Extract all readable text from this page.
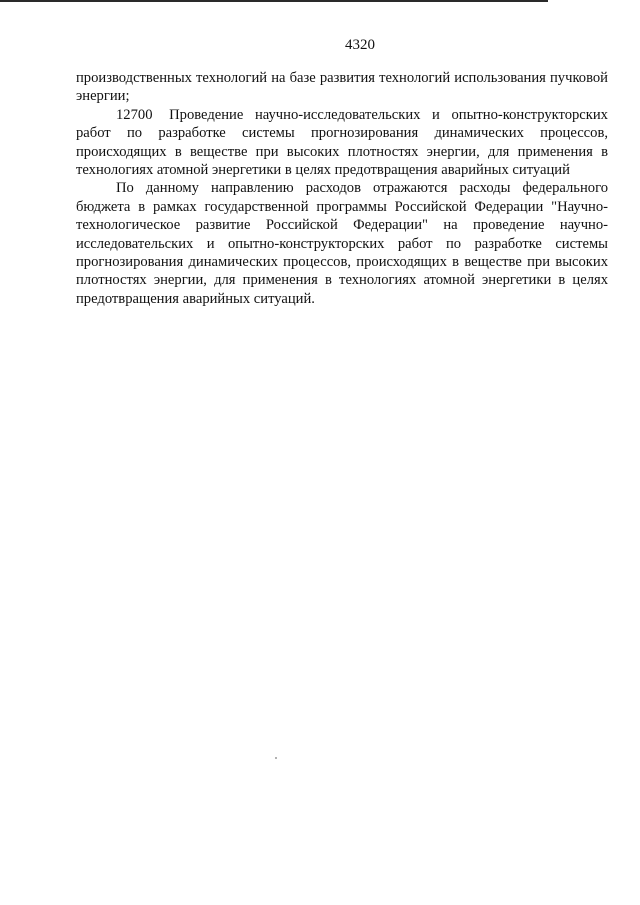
4320

производственных технологий на базе развития технологий использования пучковой энергии;

12700 Проведение научно-исследовательских и опытно-конструкторских работ по разработке системы прогнозирования динамических процессов, происходящих в веществе при высоких плотностях энергии, для применения в технологиях атомной энергетики в целях предотвращения аварийных ситуаций

По данному направлению расходов отражаются расходы федерального бюджета в рамках государственной программы Российской Федерации "Научно-технологическое развитие Российской Федерации" на проведение научно-исследовательских и опытно-конструкторских работ по разработке системы прогнозирования динамических процессов, происходящих в веществе при высоких плотностях энергии, для применения в технологиях атомной энергетики в целях предотвращения аварийных ситуаций.
